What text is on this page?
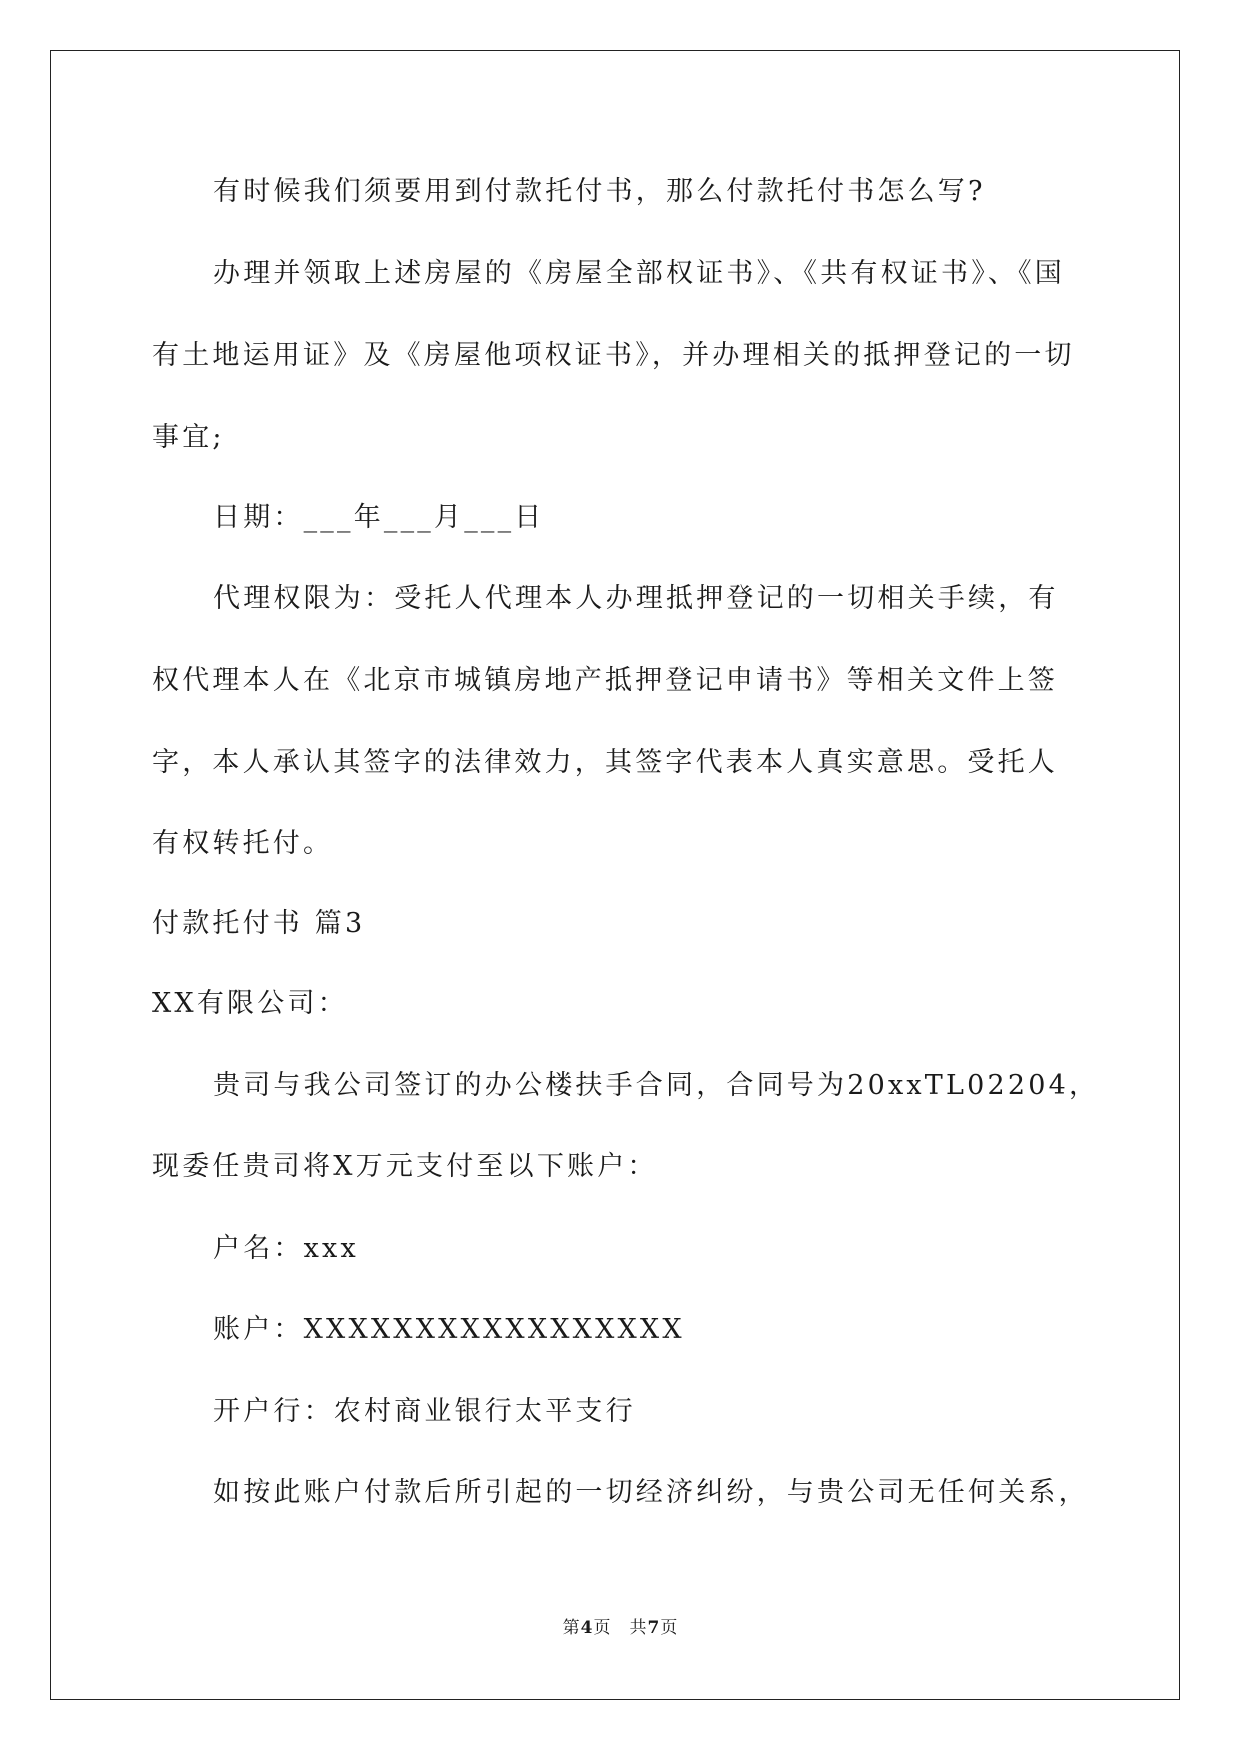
有时候我们须要用到付款托付书，那么付款托付书怎么写?
办理并领取上述房屋的《房屋全部权证书》、《共有权证书》、《国
有土地运用证》及《房屋他项权证书》，并办理相关的抵押登记的一切
事宜;
日期：___年___月___日
代理权限为：受托人代理本人办理抵押登记的一切相关手续，有
权代理本人在《北京市城镇房地产抵押登记申请书》等相关文件上签
字，本人承认其签字的法律效力，其签字代表本人真实意思。受托人
有权转托付。
付款托付书 篇3
XX有限公司：
贵司与我公司签订的办公楼扶手合同，合同号为20xxTL02204，
现委任贵司将X万元支付至以下账户：
户名：xxx
账户：XXXXXXXXXXXXXXXXX
开户行：农村商业银行太平支行
如按此账户付款后所引起的一切经济纠纷，与贵公司无任何关系，
第4页 共7页
